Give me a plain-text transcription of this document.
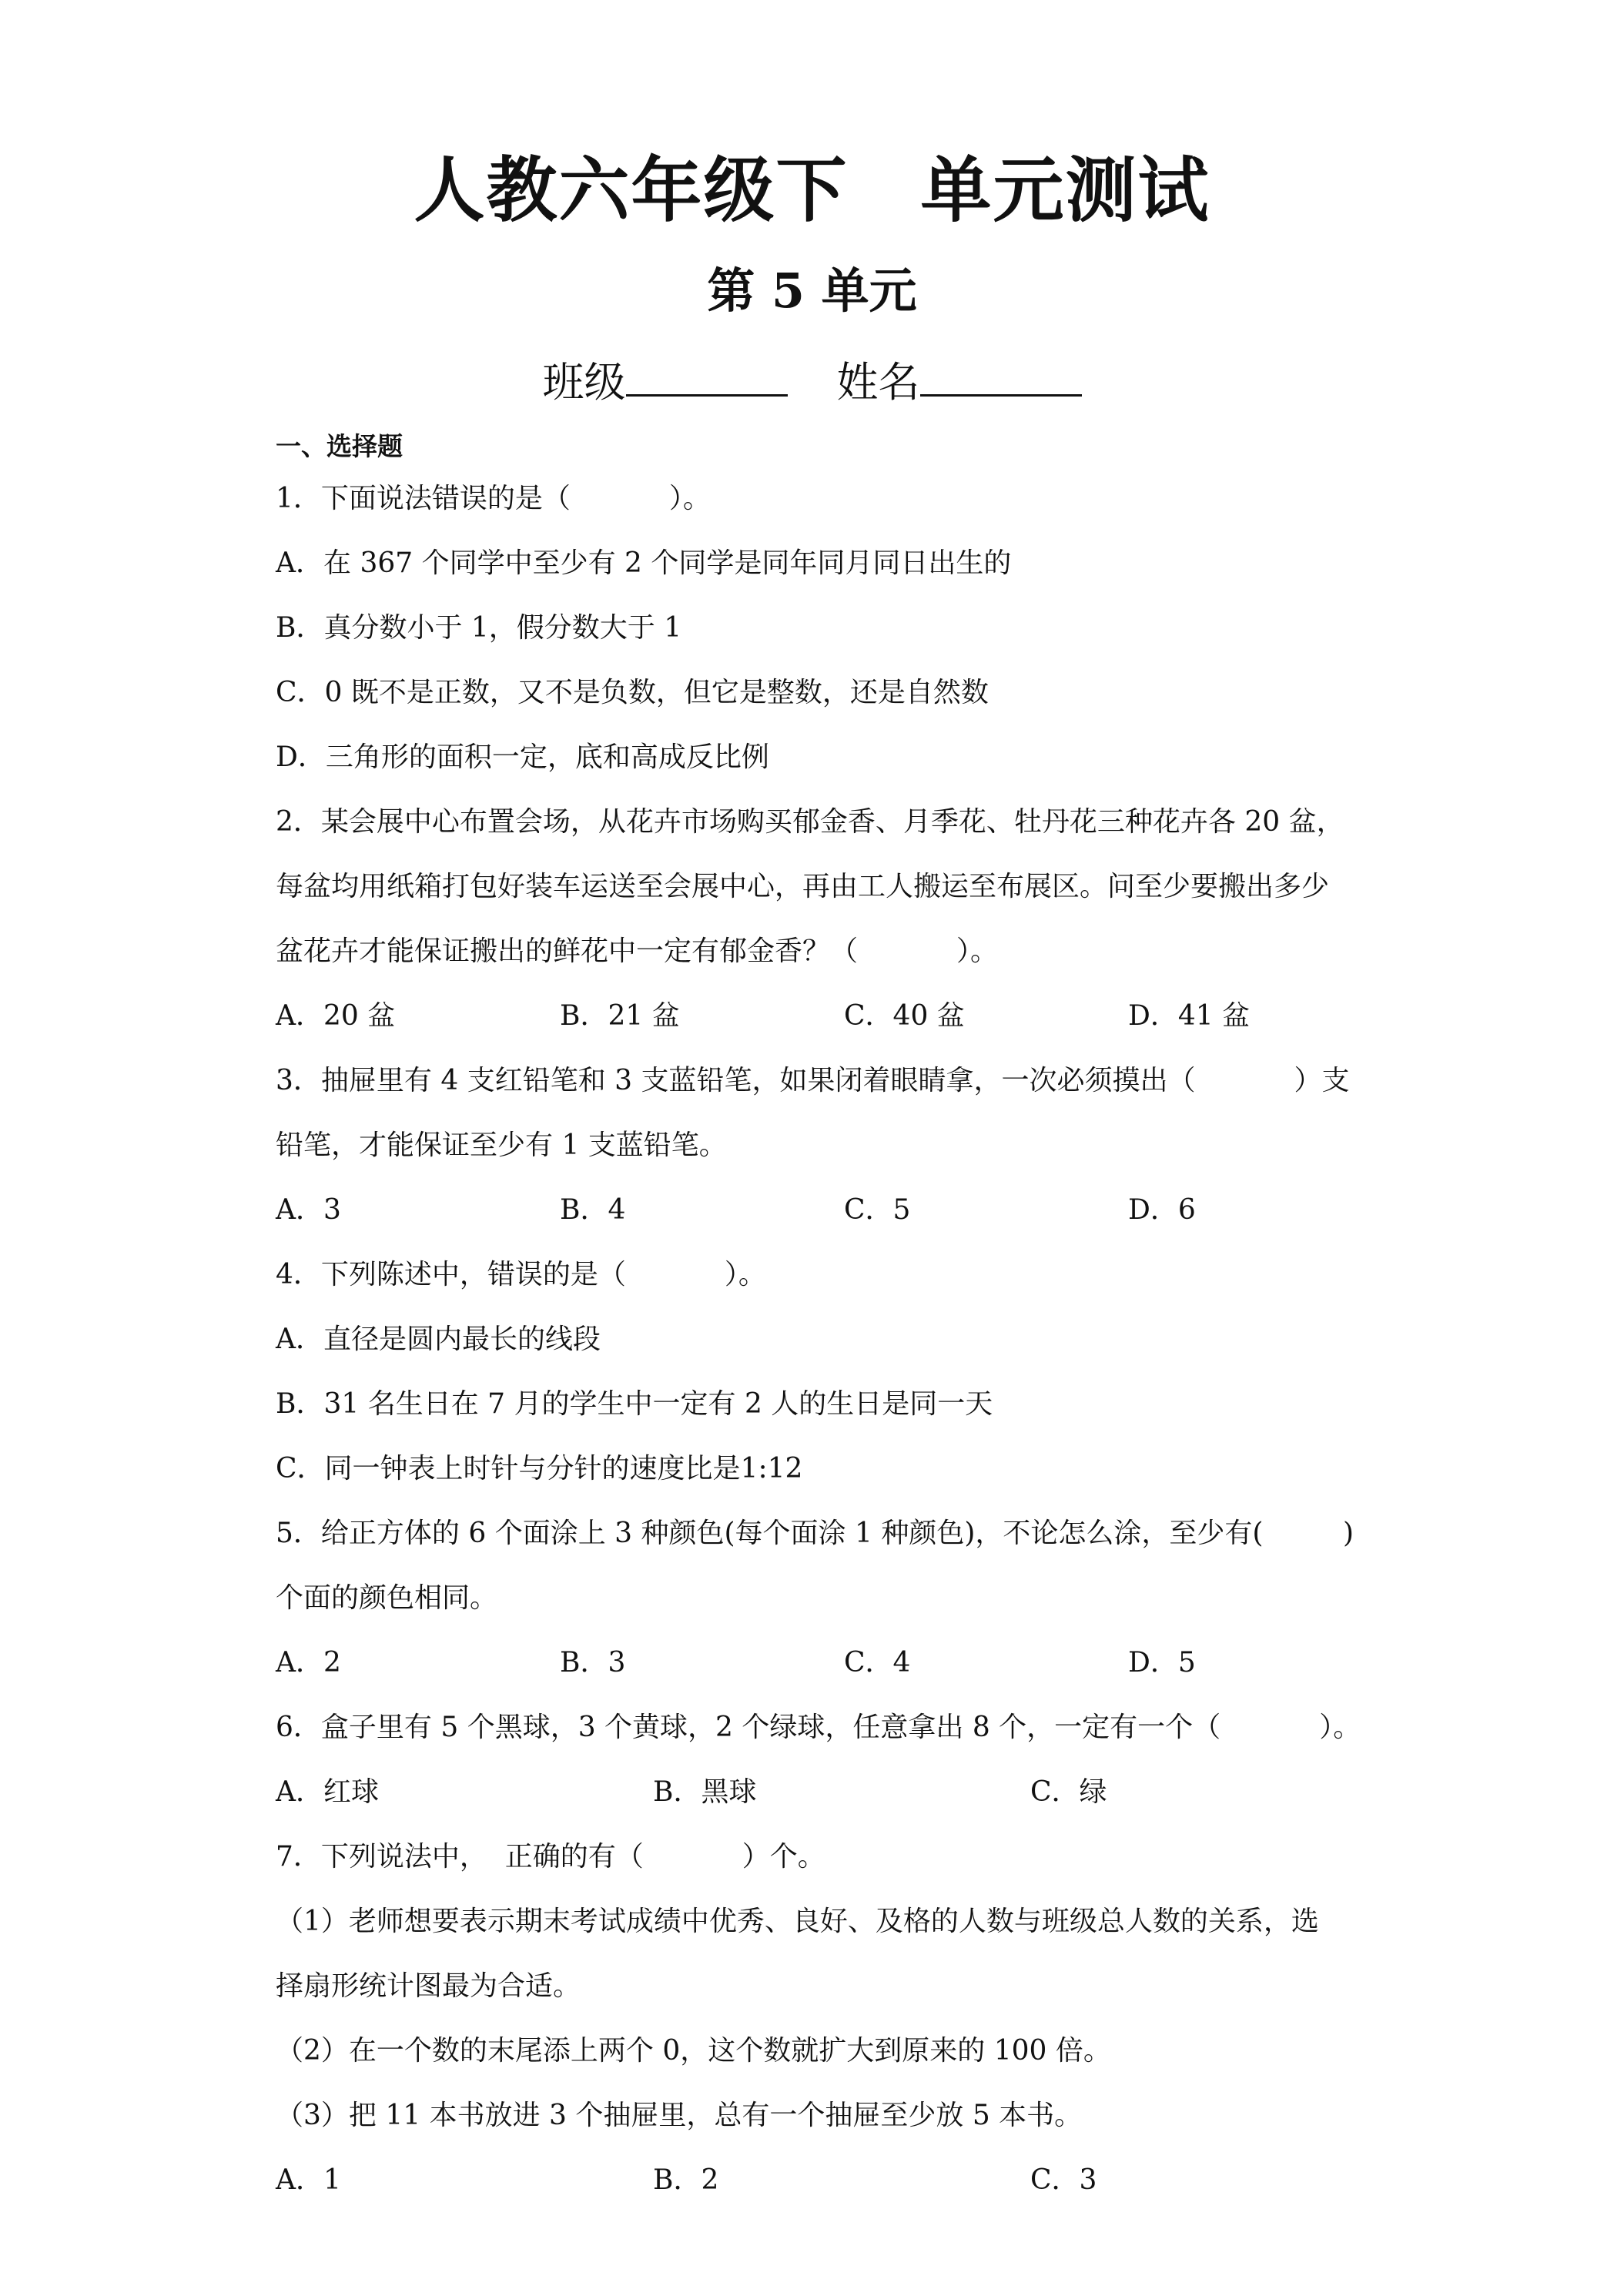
人教六年级下　单元测试
第 5 单元
班级	姓名
一、选择题
1．下面说法错误的是（	）。
A．在 367 个同学中至少有 2 个同学是同年同月同日出生的
B．真分数小于 1，假分数大于 1
C．0 既不是正数，又不是负数，但它是整数，还是自然数
D．三角形的面积一定，底和高成反比例
2．某会展中心布置会场，从花卉市场购买郁金香、月季花、牡丹花三种花卉各 20 盆，
每盆均用纸箱打包好装车运送至会展中心，再由工人搬运至布展区。问至少要搬出多少
盆花卉才能保证搬出的鲜花中一定有郁金香？（	）。
A．20 盆	B．21 盆	C．40 盆	D．41 盆
3．抽屉里有 4 支红铅笔和 3 支蓝铅笔，如果闭着眼睛拿，一次必须摸出（	）支
铅笔，才能保证至少有 1 支蓝铅笔。
A．3	B．4	C．5	D．6
4．下列陈述中，错误的是（	）。
A．直径是圆内最长的线段
B．31 名生日在 7 月的学生中一定有 2 人的生日是同一天
C．同一钟表上时针与分针的速度比是1:12
5．给正方体的 6 个面涂上 3 种颜色(每个面涂 1 种颜色)，不论怎么涂，至少有(	)
个面的颜色相同。
A．2	B．3	C．4	D．5
6．盒子里有 5 个黑球，3 个黄球，2 个绿球，任意拿出 8 个，一定有一个（	）。
A．红球	B．黑球	C．绿
7．下列说法中，  正确的有（	）个。
（1）老师想要表示期末考试成绩中优秀、良好、及格的人数与班级总人数的关系，选
择扇形统计图最为合适。
（2）在一个数的末尾添上两个 0，这个数就扩大到原来的 100 倍。
（3）把 11 本书放进 3 个抽屉里，总有一个抽屉至少放 5 本书。
A．1	B．2	C．3
